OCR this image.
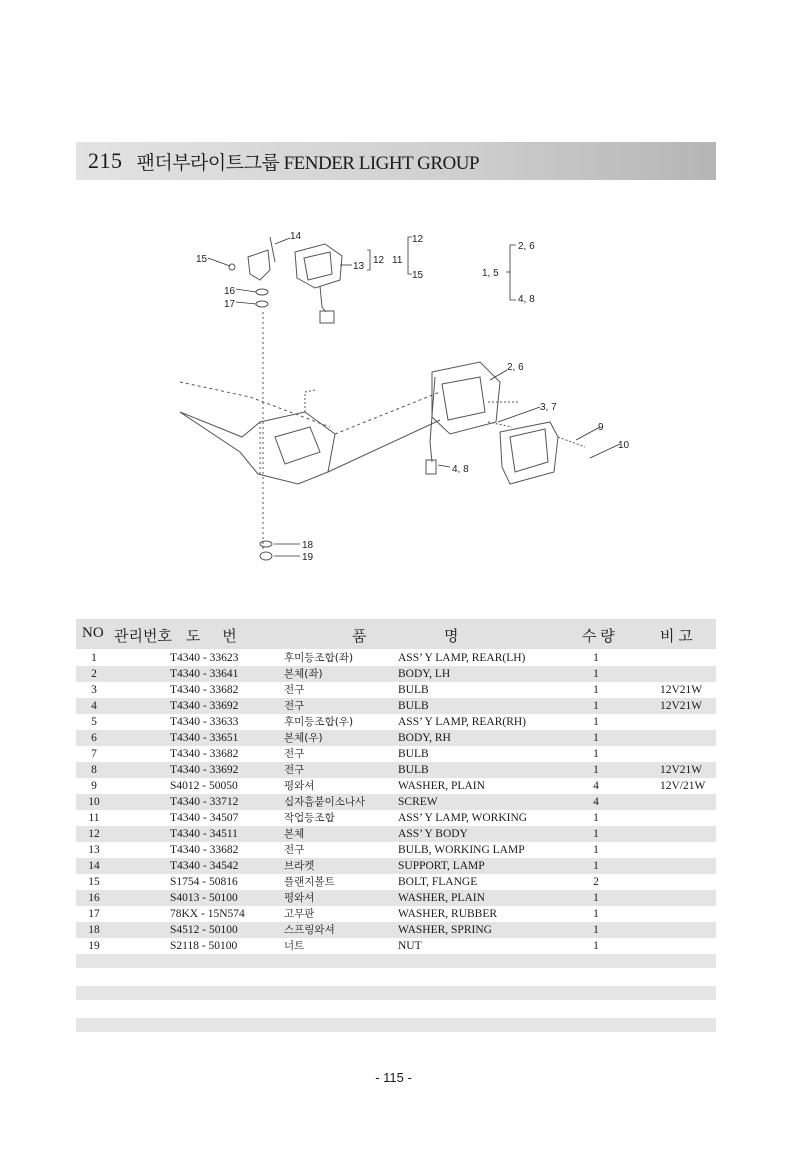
215 팬더부라이트그룹 FENDER LIGHT GROUP
14
15
16
17
13
12 11
12
15	1, 5
2, 6
4, 8
2, 6
3, 7
9
10
4, 8
18
19
NO 관리번호 도 번	품	명	수 량	비 고
1	T4340 - 33623	후미등조합(좌)	ASS’ Y LAMP, REAR(LH)	1
2	T4340 - 33641	본체(좌)	BODY, LH	1
3	T4340 - 33682	전구	BULB	1	12V21W
4	T4340 - 33692	전구	BULB	1	12V21W
5	T4340 - 33633	후미등조합(우)	ASS’ Y LAMP, REAR(RH)	1
6	T4340 - 33651	본체(우)	BODY, RH	1
7	T4340 - 33682	전구	BULB	1
8	T4340 - 33692	전구	BULB	1	12V21W
9	S4012 - 50050	평와셔	WASHER, PLAIN	4	12V/21W
10	T4340 - 33712	십자흠붙이소나사	SCREW	4
11	T4340 - 34507	작업등조합	ASS’ Y LAMP, WORKING	1
12	T4340 - 34511	본체	ASS’ Y BODY	1
13	T4340 - 33682	전구	BULB, WORKING LAMP	1
14	T4340 - 34542	브라켓	SUPPORT, LAMP	1
15	S1754 - 50816	플랜지볼트	BOLT, FLANGE	2
16	S4013 - 50100	평와셔	WASHER, PLAIN	1
17	78KX - 15N574	고무판	WASHER, RUBBER	1
18	S4512 - 50100	스프링와셔	WASHER, SPRING	1
19	S2118 - 50100	너트	NUT	1
- 115 -
